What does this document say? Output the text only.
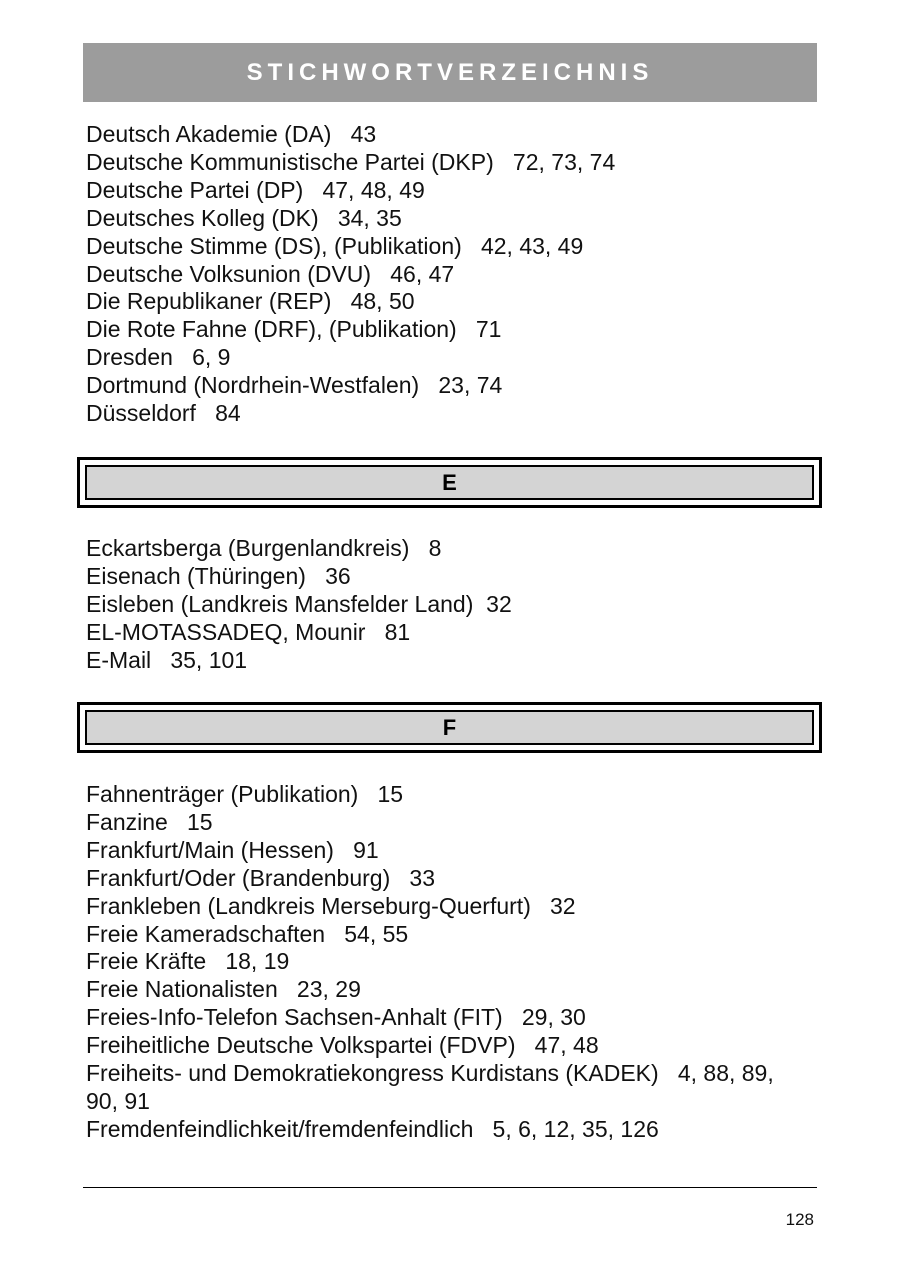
STICHWORTVERZEICHNIS
Deutsch Akademie (DA)   43
Deutsche Kommunistische Partei (DKP)   72, 73, 74
Deutsche Partei (DP)   47, 48, 49
Deutsches Kolleg (DK)   34, 35
Deutsche Stimme (DS), (Publikation)   42, 43, 49
Deutsche Volksunion (DVU)   46, 47
Die Republikaner (REP)   48, 50
Die Rote Fahne (DRF), (Publikation)   71
Dresden   6, 9
Dortmund (Nordrhein-Westfalen)   23, 74
Düsseldorf   84
E
Eckartsberga (Burgenlandkreis)   8
Eisenach (Thüringen)   36
Eisleben (Landkreis Mansfelder Land)  32
EL-MOTASSADEQ, Mounir   81
E-Mail   35, 101
F
Fahnenträger (Publikation)   15
Fanzine   15
Frankfurt/Main (Hessen)   91
Frankfurt/Oder (Brandenburg)   33
Frankleben (Landkreis Merseburg-Querfurt)   32
Freie Kameradschaften   54, 55
Freie Kräfte   18, 19
Freie Nationalisten   23, 29
Freies-Info-Telefon Sachsen-Anhalt (FIT)   29, 30
Freiheitliche Deutsche Volkspartei (FDVP)   47, 48
Freiheits- und Demokratiekongress Kurdistans (KADEK)   4, 88, 89,
90, 91
Fremdenfeindlichkeit/fremdenfeindlich   5, 6, 12, 35, 126
128
